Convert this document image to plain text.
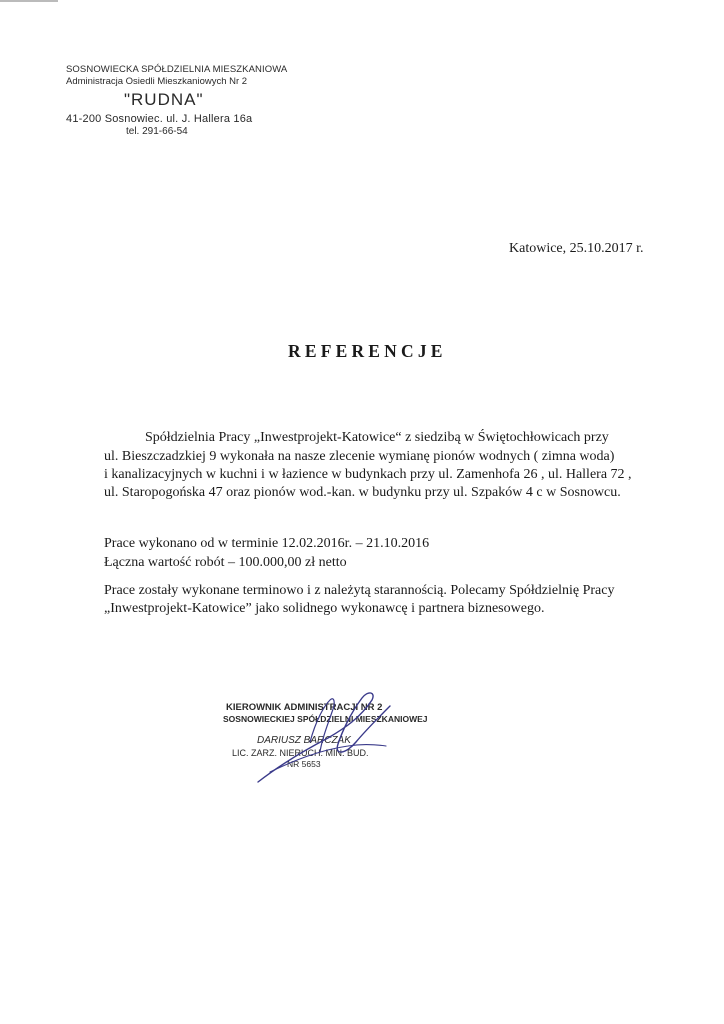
SOSNOWIECKA SPÓŁDZIELNIA MIESZKANIOWA
Administracja Osiedli Mieszkaniowych Nr 2
"RUDNA"
41-200 Sosnowiec. ul. J. Hallera 16a
tel. 291-66-54
Katowice, 25.10.2017 r.
REFERENCJE
Spółdzielnia Pracy „Inwestprojekt-Katowice“ z siedzibą w Świętochłowicach przy
ul. Bieszczadzkiej 9 wykonała na nasze zlecenie wymianę pionów wodnych ( zimna woda)
i kanalizacyjnych w kuchni i w łazience w budynkach przy ul. Zamenhofa 26 , ul. Hallera 72 ,
ul. Staropogońska 47 oraz pionów wod.-kan. w budynku przy ul. Szpaków 4 c w Sosnowcu.
Prace wykonano od w terminie 12.02.2016r. – 21.10.2016
Łączna wartość robót – 100.000,00 zł netto
Prace zostały wykonane terminowo i z należytą starannością. Polecamy Spółdzielnię Pracy
„Inwestprojekt-Katowice” jako solidnego wykonawcę i partnera biznesowego.
KIEROWNIK ADMINISTRACJI NR 2
SOSNOWIECKIEJ SPÓŁDZIELNI MIESZKANIOWEJ
DARIUSZ BARCZAK
LIC. ZARZ. NIERUCH. MIN. BUD.
NR 5653
